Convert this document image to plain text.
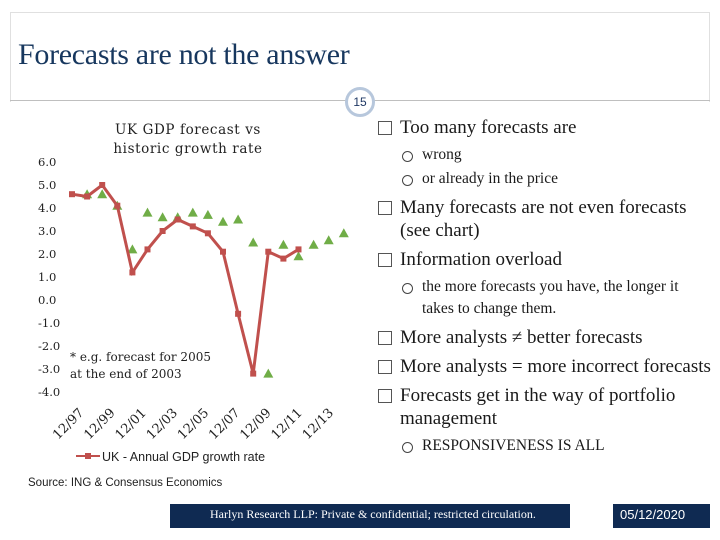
Forecasts are not the answer
15
UK GDP forecast vs
historic growth rate
6.0
5.0
4.0
3.0
2.0
1.0
0.0
-1.0
-2.0
-3.0
-4.0
12/97
12/99
12/01
12/03
12/05
12/07
12/09
12/11
12/13
* e.g. forecast for 2005
at the end of 2003
UK - Annual GDP growth rate
Source: ING & Consensus Economics
Too many forecasts are
wrong
or already in the price
Many forecasts are not even forecasts (see chart)
Information overload
the more forecasts you have, the longer it takes to change them.
More analysts ≠ better forecasts
More analysts = more incorrect forecasts
Forecasts get in the way of portfolio management
RESPONSIVENESS IS ALL
Harlyn Research LLP: Private & confidential; restricted circulation.	05/12/2020
